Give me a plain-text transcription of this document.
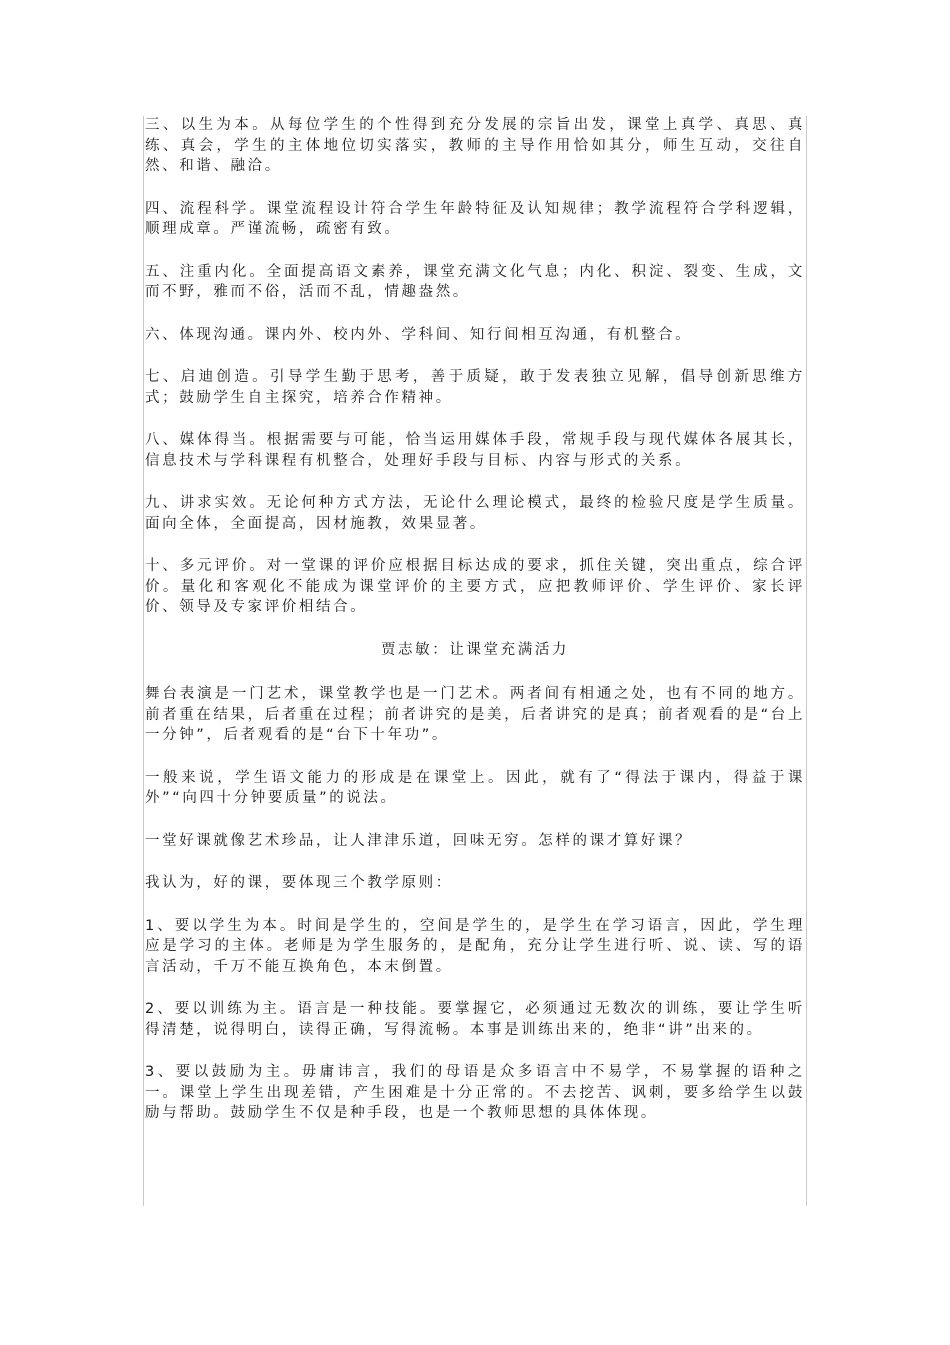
三、以生为本。从每位学生的个性得到充分发展的宗旨出发，课堂上真学、真思、真练、真会，学生的主体地位切实落实，教师的主导作用恰如其分，师生互动，交往自然、和谐、融洽。

四、流程科学。课堂流程设计符合学生年龄特征及认知规律；教学流程符合学科逻辑，顺理成章。严谨流畅，疏密有致。

五、注重内化。全面提高语文素养，课堂充满文化气息；内化、积淀、裂变、生成，文而不野，雅而不俗，活而不乱，情趣盎然。

六、体现沟通。课内外、校内外、学科间、知行间相互沟通，有机整合。

七、启迪创造。引导学生勤于思考，善于质疑，敢于发表独立见解，倡导创新思维方式；鼓励学生自主探究，培养合作精神。

八、媒体得当。根据需要与可能，恰当运用媒体手段，常规手段与现代媒体各展其长，信息技术与学科课程有机整合，处理好手段与目标、内容与形式的关系。

九、讲求实效。无论何种方式方法，无论什么理论模式，最终的检验尺度是学生质量。面向全体，全面提高，因材施教，效果显著。

十、多元评价。对一堂课的评价应根据目标达成的要求，抓住关键，突出重点，综合评价。量化和客观化不能成为课堂评价的主要方式，应把教师评价、学生评价、家长评价、领导及专家评价相结合。

贾志敏：让课堂充满活力

舞台表演是一门艺术，课堂教学也是一门艺术。两者间有相通之处，也有不同的地方。前者重在结果，后者重在过程；前者讲究的是美，后者讲究的是真；前者观看的是“台上一分钟”，后者观看的是“台下十年功”。

一般来说，学生语文能力的形成是在课堂上。因此，就有了“得法于课内，得益于课外”“向四十分钟要质量”的说法。

一堂好课就像艺术珍品，让人津津乐道，回味无穷。怎样的课才算好课？

我认为，好的课，要体现三个教学原则：

1、要以学生为本。时间是学生的，空间是学生的，是学生在学习语言，因此，学生理应是学习的主体。老师是为学生服务的，是配角，充分让学生进行听、说、读、写的语言活动，千万不能互换角色，本末倒置。

2、要以训练为主。语言是一种技能。要掌握它，必须通过无数次的训练，要让学生听得清楚，说得明白，读得正确，写得流畅。本事是训练出来的，绝非“讲”出来的。

3、要以鼓励为主。毋庸讳言，我们的母语是众多语言中不易学，不易掌握的语种之一。课堂上学生出现差错，产生困难是十分正常的。不去挖苦、讽刺，要多给学生以鼓励与帮助。鼓励学生不仅是种手段，也是一个教师思想的具体体现。
